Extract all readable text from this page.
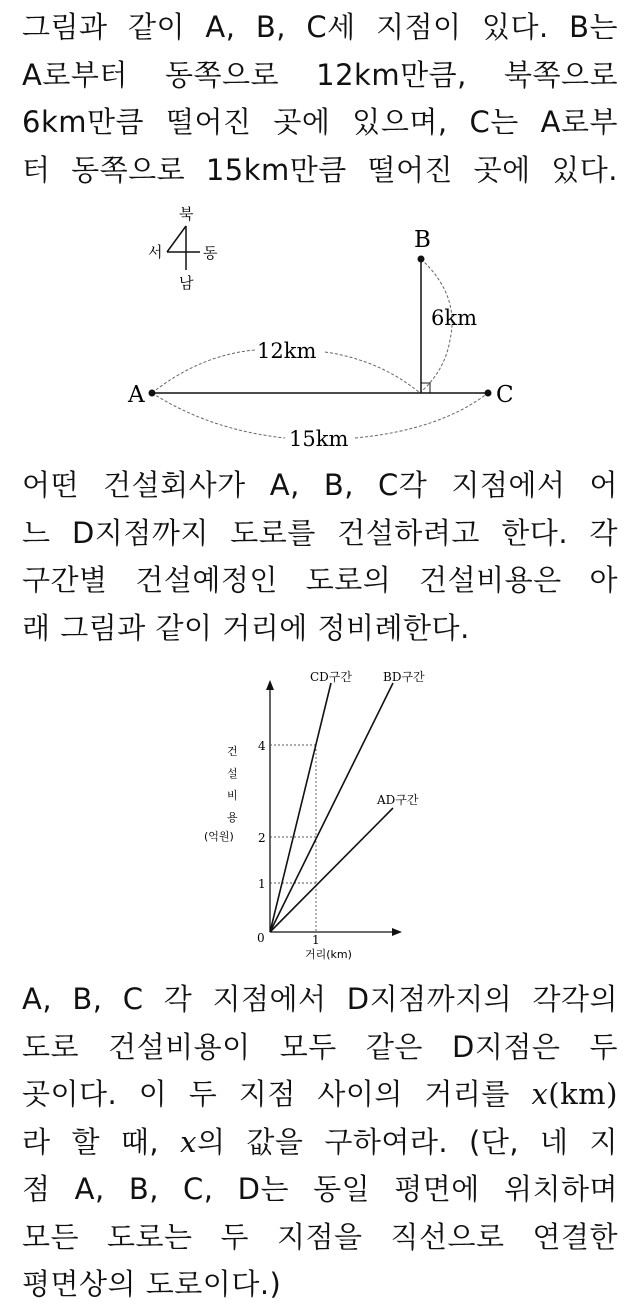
그림과 같이 A, B, C세 지점이 있다. B는
A로부터 동쪽으로 12km만큼, 북쪽으로
6km만큼 떨어진 곳에 있으며, C는 A로부
터 동쪽으로 15km만큼 떨어진 곳에 있다.
북
남
서	동
A
B
C
12km
6km
15km
어떤 건설회사가 A, B, C각 지점에서 어
느 D지점까지 도로를 건설하려고 한다. 각
구간별 건설예정인 도로의 건설비용은 아
래 그림과 같이 거리에 정비례한다.
CD구간	BD구간
AD구간
4
2
1
0	1
거리(km)
건
설
비
용
(억원)
A, B, C 각 지점에서 D지점까지의 각각의
도로 건설비용이 모두 같은 D지점은 두
곳이다. 이 두 지점 사이의 거리를 x(km)
라 할 때, x의 값을 구하여라. (단, 네 지
점 A, B, C, D는 동일 평면에 위치하며
모든 도로는 두 지점을 직선으로 연결한
평면상의 도로이다.)
